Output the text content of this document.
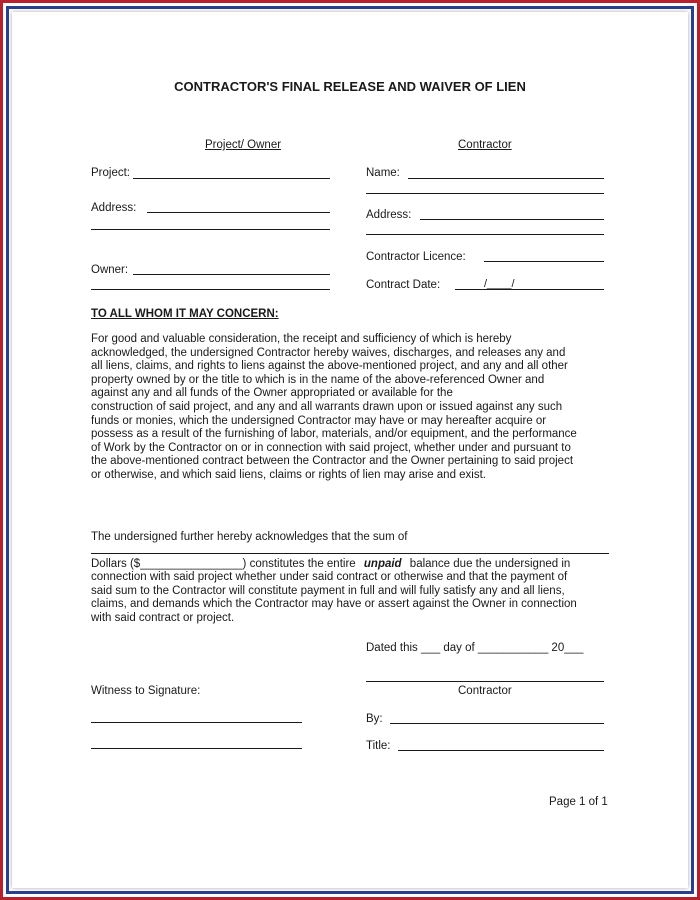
CONTRACTOR'S FINAL RELEASE AND WAIVER OF LIEN
Project/ Owner	Contractor
Project:
Address:
Owner:
Name:
Address:
Contractor Licence:
Contract Date:	/____/
TO ALL WHOM IT MAY CONCERN:
For good and valuable consideration, the receipt and sufficiency of which is hereby
acknowledged, the undersigned Contractor hereby waives, discharges, and releases any and
all liens, claims, and rights to liens against the above-mentioned project, and any and all other
property owned by or the title to which is in the name of the above-referenced Owner and
against any and all funds of the Owner appropriated or available for the
construction of said project, and any and all warrants drawn upon or issued against any such
funds or monies, which the undersigned Contractor may have or may hereafter acquire or
possess as a result of the furnishing of labor, materials, and/or equipment, and the performance
of Work by the Contractor on or in connection with said project, whether under and pursuant to
the above-mentioned contract between the Contractor and the Owner pertaining to said project
or otherwise, and which said liens, claims or rights of lien may arise and exist.
The undersigned further hereby acknowledges that the sum of
Dollars ($________________) constitutes the entire unpaid balance due the undersigned in
connection with said project whether under said contract or otherwise and that the payment of
said sum to the Contractor will constitute payment in full and will fully satisfy any and all liens,
claims, and demands which the Contractor may have or assert against the Owner in connection
with said contract or project.
Dated this ___ day of ___________ 20___
Contractor
Witness to Signature:
By:
Title:
Page 1 of 1
